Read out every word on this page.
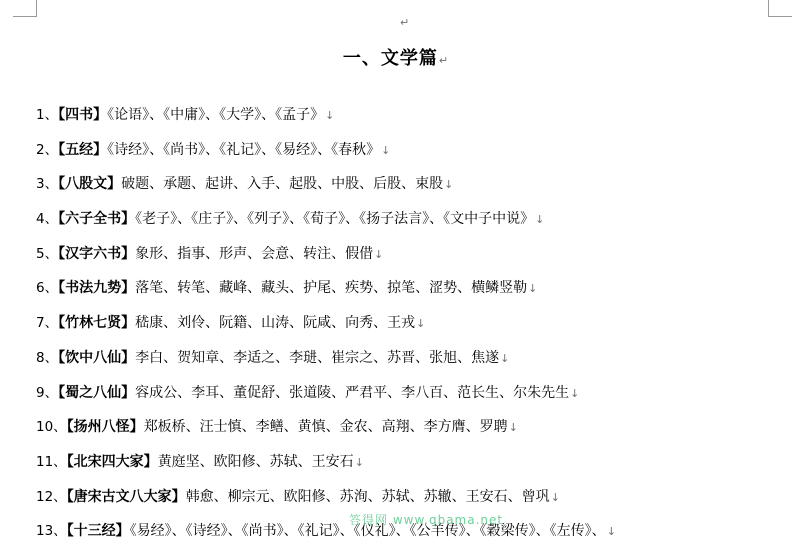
↵
一、文学篇↵
1、【四书】《论语》、《中庸》、《大学》、《孟子》↓
2、【五经】《诗经》、《尚书》、《礼记》、《易经》、《春秋》↓
3、【八股文】破题、承题、起讲、入手、起股、中股、后股、束股↓
4、【六子全书】《老子》、《庄子》、《列子》、《荀子》、《扬子法言》、《文中子中说》↓
5、【汉字六书】象形、指事、形声、会意、转注、假借↓
6、【书法九势】落笔、转笔、藏峰、藏头、护尾、疾势、掠笔、涩势、横鳞竖勒↓
7、【竹林七贤】嵇康、刘伶、阮籍、山涛、阮咸、向秀、王戎↓
8、【饮中八仙】李白、贺知章、李适之、李琎、崔宗之、苏晋、张旭、焦遂↓
9、【蜀之八仙】容成公、李耳、董促舒、张道陵、严君平、李八百、范长生、尔朱先生↓
10、【扬州八怪】郑板桥、汪士慎、李鳝、黄慎、金农、高翔、李方膺、罗聘↓
11、【北宋四大家】黄庭坚、欧阳修、苏轼、王安石↓
12、【唐宋古文八大家】韩愈、柳宗元、欧阳修、苏洵、苏轼、苏辙、王安石、曾巩↓
13、【十三经】《易经》、《诗经》、《尚书》、《礼记》、《仪礼》、《公羊传》、《穀梁传》、《左传》、↓
答得网 www.qbama.net
